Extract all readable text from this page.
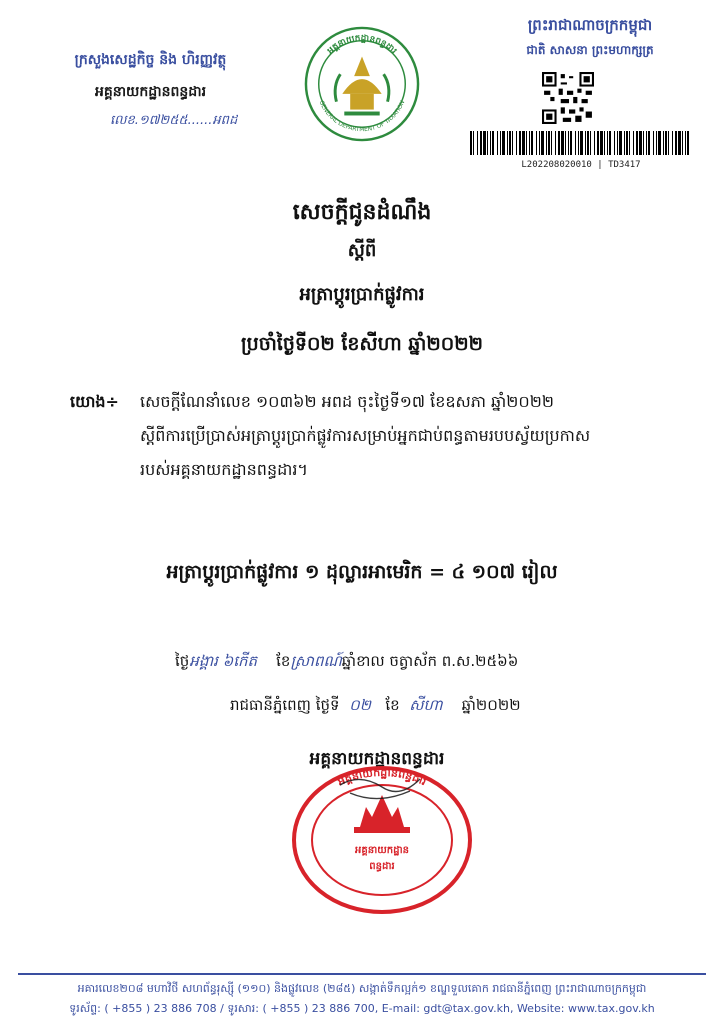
ក្រសួងសេដ្ឋកិច្ច និង ហិរញ្ញវត្ថុ
អគ្គនាយកដ្ឋានពន្ធដារ
លេខ.១៧២៥៥......អពដ
អគ្គនាយកដ្ឋានពន្ធដារ
GENERAL DEPARTMENT OF TAXATION
ព្រះរាជាណាចក្រកម្ពុជា
ជាតិ សាសនា ព្រះមហាក្សត្រ
L202208020010 | TD3417
សេចក្តីជូនដំណឹង
ស្តីពី
អត្រាប្តូរប្រាក់ផ្លូវការ
ប្រចាំថ្ងៃទី០២ ខែសីហា ឆ្នាំ២០២២
យោង÷ សេចក្តីណែនាំលេខ ១០៣៦២ អពដ ចុះថ្ងៃទី១៧ ខែឧសភា ឆ្នាំ២០២២
ស្តីពីការប្រើប្រាស់អត្រាប្តូរប្រាក់ផ្លូវការសម្រាប់អ្នកជាប់ពន្ធតាមរបបស្វ័យប្រកាស
របស់អគ្គនាយកដ្ឋានពន្ធដារ។
អត្រាប្តូរប្រាក់ផ្លូវការ ១ ដុល្លារអាមេរិក = ៤ ១០៧ រៀល
ថ្ងៃអង្គារ ៦កើត ខែស្រាពណ៍ឆ្នាំខាល ចត្វាស័ក ព.ស.២៥៦៦
រាជធានីភ្នំពេញ ថ្ងៃទី ០២ ខែ សីហា ឆ្នាំ២០២២
អគ្គនាយកដ្ឋានពន្ធដារ
អគ្គនាយកដ្ឋាន
ពន្ធដារ
អគ្គនាយកដ្ឋានពន្ធដារ
អគារលេខ២០៨ មហាវិថី សហព័ន្ធរុស្ស៊ី (១១០) និងផ្លូវលេខ (២៨៥) សង្កាត់ទឹកល្អក់១ ខណ្ឌទួលគោក រាជធានីភ្នំពេញ ព្រះរាជាណាចក្រកម្ពុជា
ទូរស័ព្ទ: ( +855 ) 23 886 708 / ទូរសារ: ( +855 ) 23 886 700, E-mail: gdt@tax.gov.kh, Website: www.tax.gov.kh
